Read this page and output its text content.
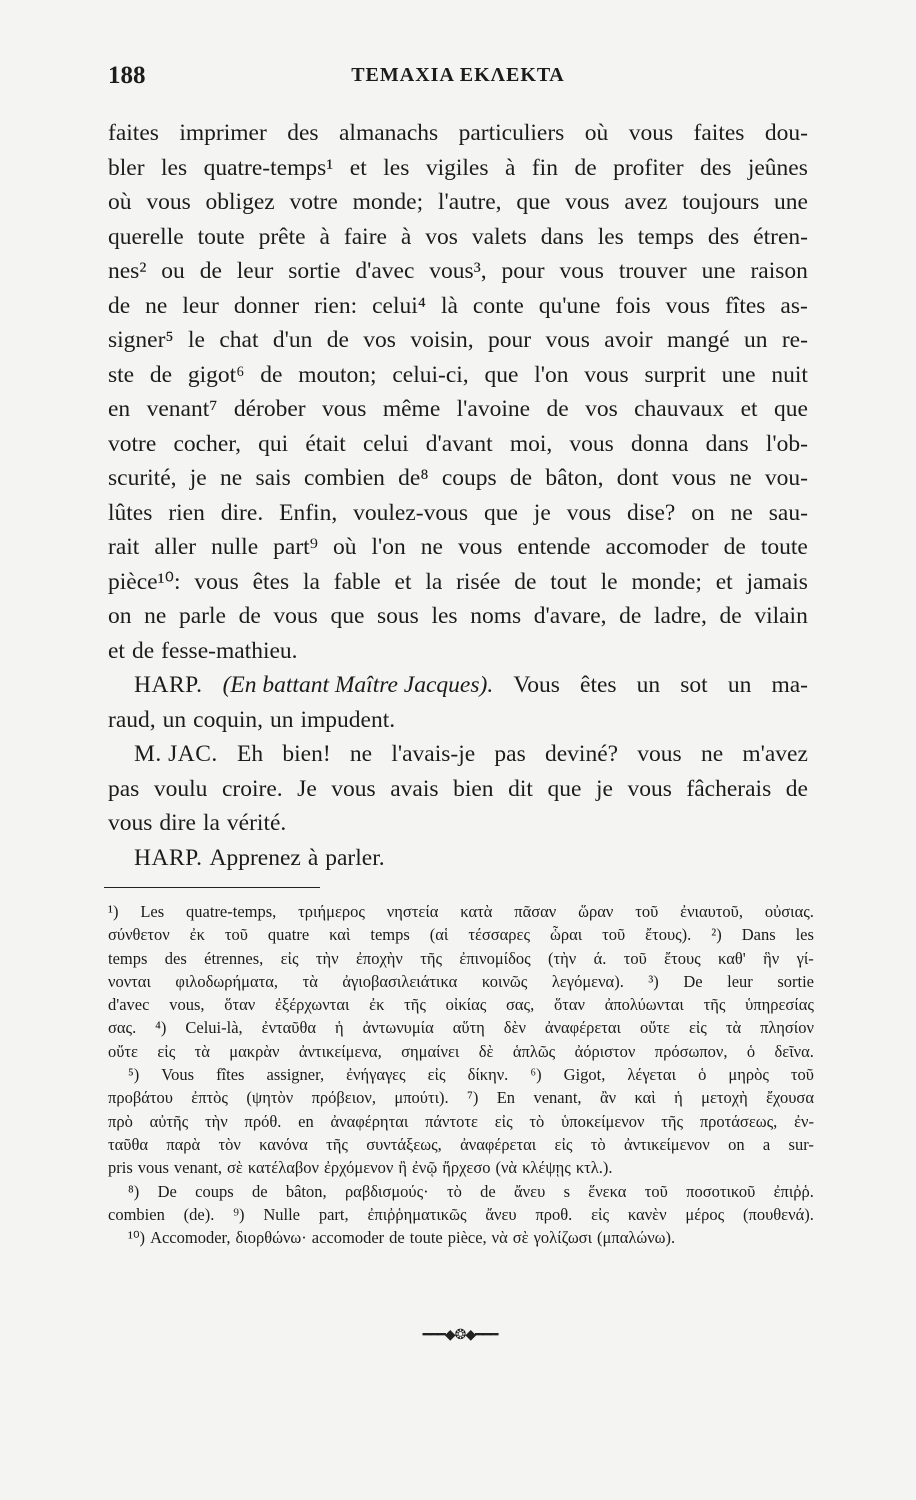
188	ΤΕΜΑΧΙΑ ΕΚΛΕΚΤΑ
faites imprimer des almanachs particuliers où vous faites dou-
bler les quatre-temps¹ et les vigiles à fin de profiter des jeûnes
où vous obligez votre monde; l'autre, que vous avez toujours une
querelle toute prête à faire à vos valets dans les temps des étren-
nes² ou de leur sortie d'avec vous³, pour vous trouver une raison
de ne leur donner rien: celui⁴ là conte qu'une fois vous fîtes as-
signer⁵ le chat d'un de vos voisin, pour vous avoir mangé un re-
ste de gigot⁶ de mouton; celui-ci, que l'on vous surprit une nuit
en venant⁷ dérober vous même l'avoine de vos chauvaux et que
votre cocher, qui était celui d'avant moi, vous donna dans l'ob-
scurité, je ne sais combien de⁸ coups de bâton, dont vous ne vou-
lûtes rien dire. Enfin, voulez-vous que je vous dise? on ne sau-
rait aller nulle part⁹ où l'on ne vous entende accomoder de toute
pièce¹⁰: vous êtes la fable et la risée de tout le monde; et jamais
on ne parle de vous que sous les noms d'avare, de ladre, de vilain
et de fesse-mathieu.
HARP. (En battant Maître Jacques). Vous êtes un sot un ma-
raud, un coquin, un impudent.
M. JAC. Eh bien! ne l'avais-je pas deviné? vous ne m'avez
pas voulu croire. Je vous avais bien dit que je vous fâcherais de
vous dire la vérité.
HARP. Apprenez à parler.
¹) Les quatre-temps, τριήμερος νηστεία κατὰ πᾶσαν ὥραν τοῦ ἐνιαυτοῦ, οὐσιας.
σύνθετον ἐκ τοῦ quatre καὶ temps (αἱ τέσσαρες ὧραι τοῦ ἔτους). ²) Dans les
temps des étrennes, εἰς τὴν ἐποχὴν τῆς ἐπινομίδος (τὴν ά. τοῦ ἔτους καθ' ἣν γί-
νονται φιλοδωρήματα, τὰ ἀγιοβασιλειάτικα κοινῶς λεγόμενα). ³) De leur sortie
d'avec vous, ὅταν ἐξέρχωνται ἐκ τῆς οἰκίας σας, ὅταν ἀπολύωνται τῆς ὑπηρεσίας
σας. ⁴) Celui-là, ἐνταῦθα ἡ ἀντωνυμία αὕτη δὲν ἀναφέρεται οὔτε εἰς τὰ πλησίον
οὔτε εἰς τὰ μακρὰν ἀντικείμενα, σημαίνει δὲ ἁπλῶς ἀόριστον πρόσωπον, ὁ δεῖνα.
⁵) Vous fîtes assigner, ἐνήγαγες εἰς δίκην. ⁶) Gigot, λέγεται ὁ μηρὸς τοῦ
προβάτου ἐπτὸς (ψητὸν πρόβειον, μπούτι). ⁷) En venant, ἂν καὶ ἡ μετοχὴ ἔχουσα
πρὸ αὐτῆς τὴν πρόθ. en ἀναφέρηται πάντοτε εἰς τὸ ὑποκείμενον τῆς προτάσεως, ἐν-
ταῦθα παρὰ τὸν κανόνα τῆς συντάξεως, ἀναφέρεται εἰς τὸ ἀντικείμενον on a sur-
pris vous venant, σὲ κατέλαβον ἐρχόμενον ἢ ἐνῷ ἤρχεσο (νὰ κλέψῃς κτλ.).
⁸) De coups de bâton, ραβδισμούς· τὸ de ἄνευ s ἕνεκα τοῦ ποσοτικοῦ ἐπιῤῥ.
combien (de). ⁹) Nulle part, ἐπιῤῥηματικῶς ἄνευ προθ. εἰς κανὲν μέρος (πουθενά).
¹⁰) Accomoder, διορθώνω· accomoder de toute pièce, νὰ σὲ γολίζωσι (μπαλώνω).
━━━◆❂◆━━━
